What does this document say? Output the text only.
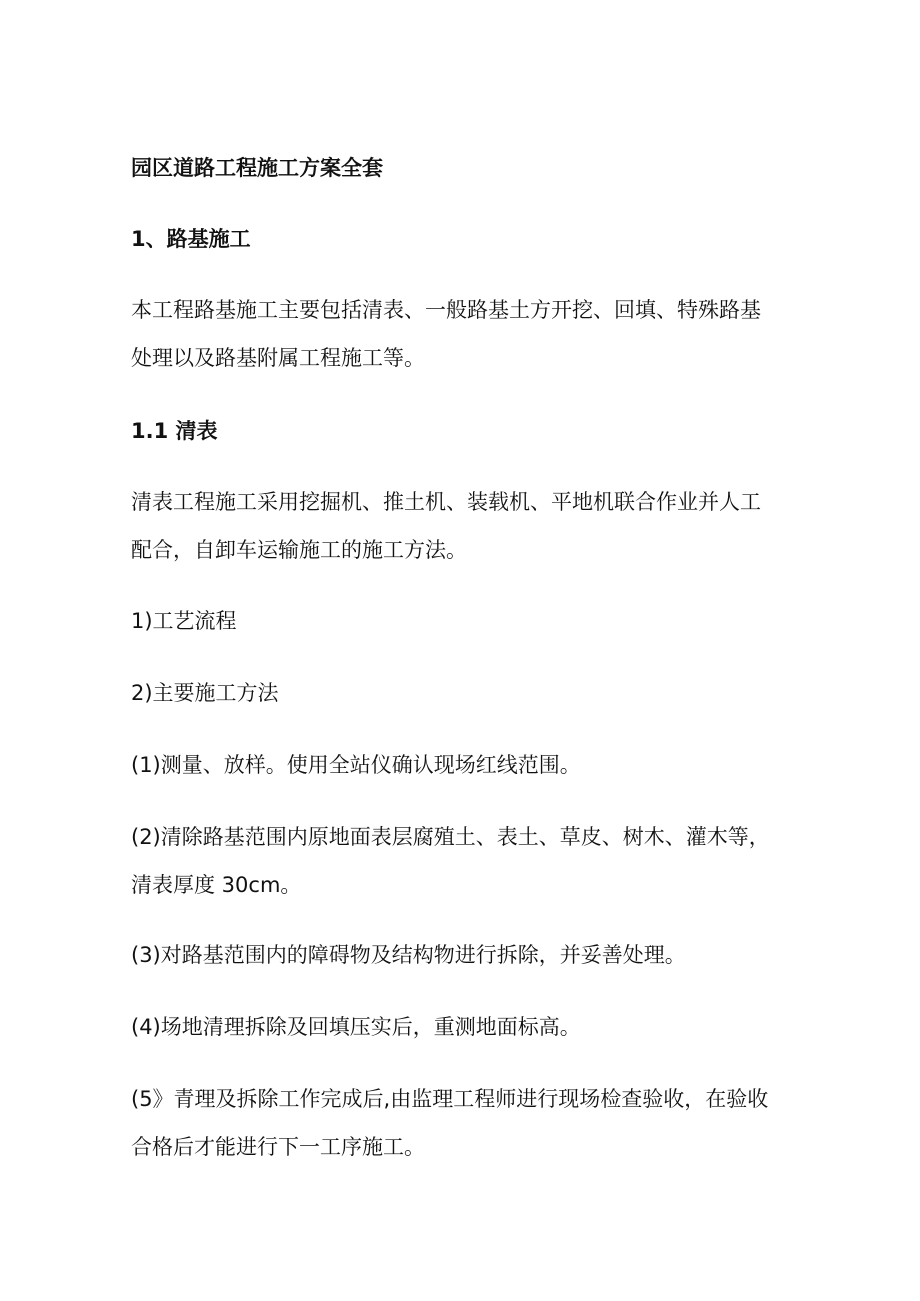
园区道路工程施工方案全套
1、路基施工

本工程路基施工主要包括清表、一般路基土方开挖、回填、特殊路基
处理以及路基附属工程施工等。

1.1 清表

清表工程施工采用挖掘机、推土机、装载机、平地机联合作业并人工
配合，自卸车运输施工的施工方法。

1)工艺流程
2)主要施工方法
(1)测量、放样。使用全站仪确认现场红线范围。

(2)清除路基范围内原地面表层腐殖土、表土、草皮、树木、灌木等，
清表厚度 30cm。

(3)对路基范围内的障碍物及结构物进行拆除，并妥善处理。
(4)场地清理拆除及回填压实后，重测地面标高。

(5》青理及拆除工作完成后,由监理工程师进行现场检查验收，在验收
合格后才能进行下一工序施工。
